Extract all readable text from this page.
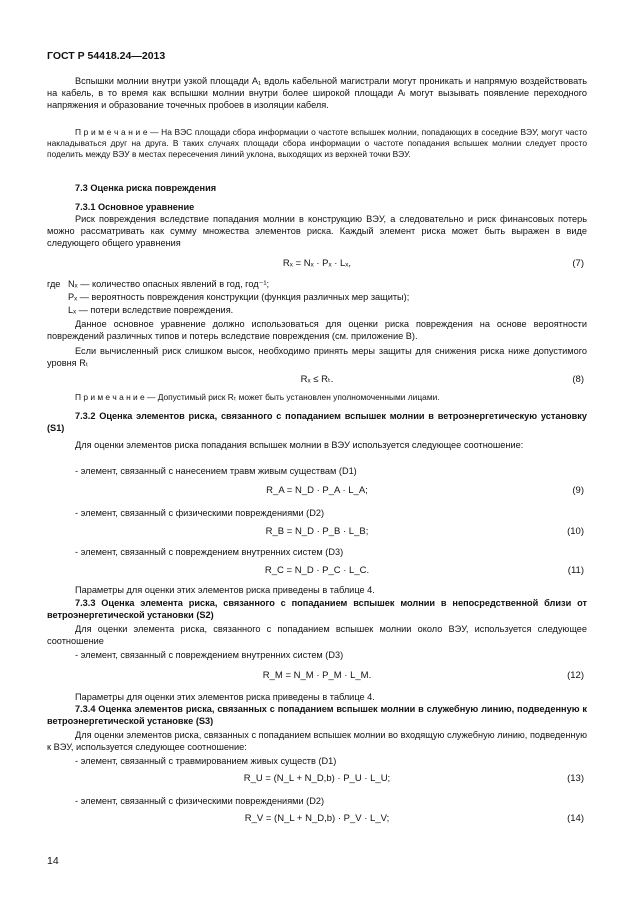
ГОСТ Р 54418.24—2013
Вспышки молнии внутри узкой площади A₁ вдоль кабельной магистрали могут проникать и напрямую воздействовать на кабель, в то время как вспышки молнии внутри более широкой площади Aₗ могут вызывать появление переходного напряжения и образование точечных пробоев в изоляции кабеля.
П р и м е ч а н и е — На ВЭС площади сбора информации о частоте вспышек молнии, попадающих в соседние ВЭУ, могут часто накладываться друг на друга. В таких случаях площади сбора информации о частоте попадания вспышек молнии следует просто поделить между ВЭУ в местах пересечения линий уклона, выходящих из верхней точки ВЭУ.
7.3 Оценка риска повреждения
7.3.1 Основное уравнение
Риск повреждения вследствие попадания молнии в конструкцию ВЭУ, а следовательно и риск финансовых потерь можно рассматривать как сумму множества элементов риска. Каждый элемент риска может быть выражен в виде следующего общего уравнения
Rₓ = Nₓ · Pₓ · Lₓ,	(7)
где Nₓ — количество опасных явлений в год, год⁻¹;
Pₓ — вероятность повреждения конструкции (функция различных мер защиты);
Lₓ — потери вследствие повреждения.
Данное основное уравнение должно использоваться для оценки риска повреждения на основе вероятности повреждений различных типов и потерь вследствие повреждения (см. приложение В).
Если вычисленный риск слишком высок, необходимо принять меры защиты для снижения риска ниже допустимого уровня Rₜ
Rₓ ≤ Rₜ.	(8)
П р и м е ч а н и е — Допустимый риск Rₜ может быть установлен уполномоченными лицами.
7.3.2 Оценка элементов риска, связанного с попаданием вспышек молнии в ветроэнергетическую установку (S1)
Для оценки элементов риска попадания вспышек молнии в ВЭУ используется следующее соотношение:
- элемент, связанный с нанесением травм живым существам (D1)
R_A = N_D · P_A · L_A;	(9)
- элемент, связанный с физическими повреждениями (D2)
R_B = N_D · P_B · L_B;	(10)
- элемент, связанный с повреждением внутренних систем (D3)
R_C = N_D · P_C · L_C.	(11)
Параметры для оценки этих элементов риска приведены в таблице 4.
7.3.3 Оценка элемента риска, связанного с попаданием вспышек молнии в непосредственной близи от ветроэнергетической установки (S2)
Для оценки элемента риска, связанного с попаданием вспышек молнии около ВЭУ, используется следующее соотношение
- элемент, связанный с повреждением внутренних систем (D3)
R_M = N_M · P_M · L_M.	(12)
Параметры для оценки этих элементов риска приведены в таблице 4.
7.3.4 Оценка элементов риска, связанных с попаданием вспышек молнии в служебную линию, подведенную к ветроэнергетической установке (S3)
Для оценки элементов риска, связанных с попаданием вспышек молнии во входящую служебную линию, подведенную к ВЭУ, используется следующее соотношение:
- элемент, связанный с травмированием живых существ (D1)
R_U = (N_L + N_D,b) · P_U · L_U;	(13)
- элемент, связанный с физическими повреждениями (D2)
R_V = (N_L + N_D,b) · P_V · L_V;	(14)
14
